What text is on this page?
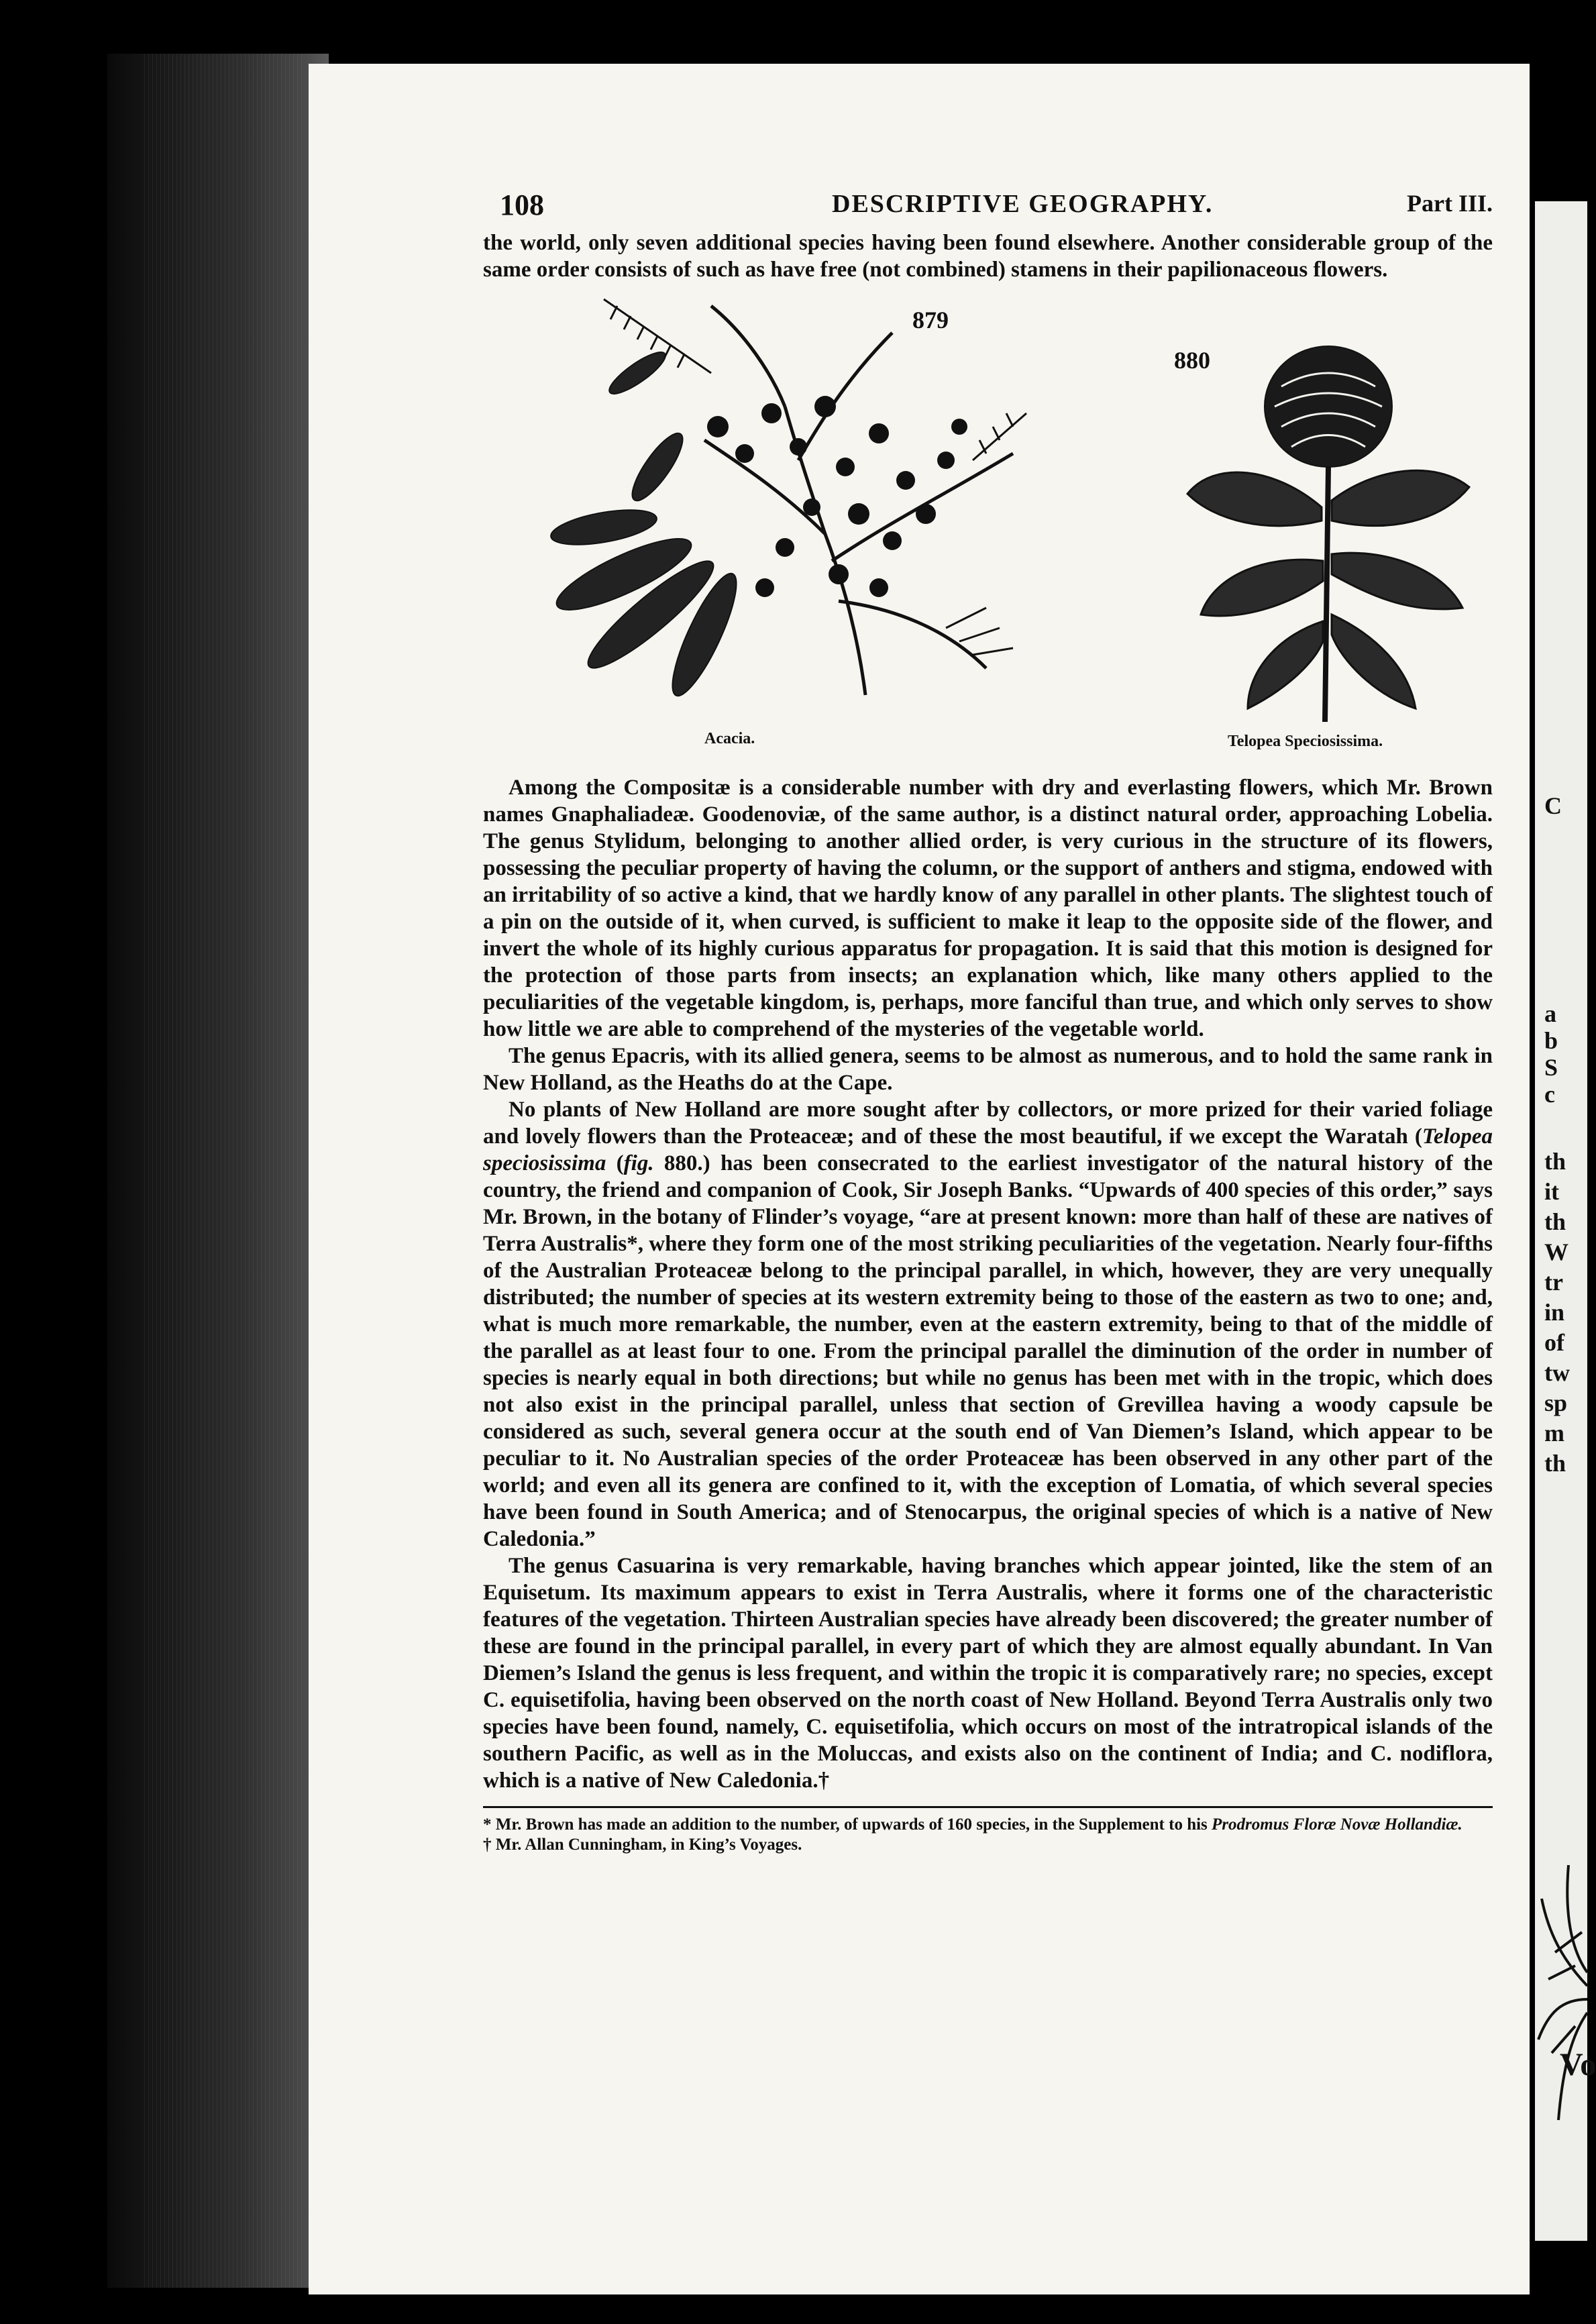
C
a
b
S
c
th
it
th
W
tr
in
of
tw
sp
m
th
Vo
108	DESCRIPTIVE GEOGRAPHY.	Part III.

the world, only seven additional species having been found elsewhere. Another considerable group of the same order consists of such as have free (not combined) stamens in their papilionaceous flowers.

879
Acacia.
880
Telopea Speciosissima.

Among the Compositæ is a considerable number with dry and everlasting flowers, which Mr. Brown names Gnaphaliadeæ. Goodenoviæ, of the same author, is a distinct natural order, approaching Lobelia. The genus Stylidum, belonging to another allied order, is very curious in the structure of its flowers, possessing the peculiar property of having the column, or the support of anthers and stigma, endowed with an irritability of so active a kind, that we hardly know of any parallel in other plants. The slightest touch of a pin on the outside of it, when curved, is sufficient to make it leap to the opposite side of the flower, and invert the whole of its highly curious apparatus for propagation. It is said that this motion is designed for the protection of those parts from insects; an explanation which, like many others applied to the peculiarities of the vegetable kingdom, is, perhaps, more fanciful than true, and which only serves to show how little we are able to comprehend of the mysteries of the vegetable world.

The genus Epacris, with its allied genera, seems to be almost as numerous, and to hold the same rank in New Holland, as the Heaths do at the Cape.

No plants of New Holland are more sought after by collectors, or more prized for their varied foliage and lovely flowers than the Proteaceæ; and of these the most beautiful, if we except the Waratah (Telopea speciosissima (fig. 880.) has been consecrated to the earliest investigator of the natural history of the country, the friend and companion of Cook, Sir Joseph Banks. “Upwards of 400 species of this order,” says Mr. Brown, in the botany of Flinder’s voyage, “are at present known: more than half of these are natives of Terra Australis*, where they form one of the most striking peculiarities of the vegetation. Nearly four-fifths of the Australian Proteaceæ belong to the principal parallel, in which, however, they are very unequally distributed; the number of species at its western extremity being to those of the eastern as two to one; and, what is much more remarkable, the number, even at the eastern extremity, being to that of the middle of the parallel as at least four to one. From the principal parallel the diminution of the order in number of species is nearly equal in both directions; but while no genus has been met with in the tropic, which does not also exist in the principal parallel, unless that section of Grevillea having a woody capsule be considered as such, several genera occur at the south end of Van Diemen’s Island, which appear to be peculiar to it. No Australian species of the order Proteaceæ has been observed in any other part of the world; and even all its genera are confined to it, with the exception of Lomatia, of which several species have been found in South America; and of Stenocarpus, the original species of which is a native of New Caledonia.”

The genus Casuarina is very remarkable, having branches which appear jointed, like the stem of an Equisetum. Its maximum appears to exist in Terra Australis, where it forms one of the characteristic features of the vegetation. Thirteen Australian species have already been discovered; the greater number of these are found in the principal parallel, in every part of which they are almost equally abundant. In Van Diemen’s Island the genus is less frequent, and within the tropic it is comparatively rare; no species, except C. equisetifolia, having been observed on the north coast of New Holland. Beyond Terra Australis only two species have been found, namely, C. equisetifolia, which occurs on most of the intratropical islands of the southern Pacific, as well as in the Moluccas, and exists also on the continent of India; and C. nodiflora, which is a native of New Caledonia.†

* Mr. Brown has made an addition to the number, of upwards of 160 species, in the Supplement to his Prodromus Floræ Novæ Hollandiæ.

† Mr. Allan Cunningham, in King’s Voyages.
